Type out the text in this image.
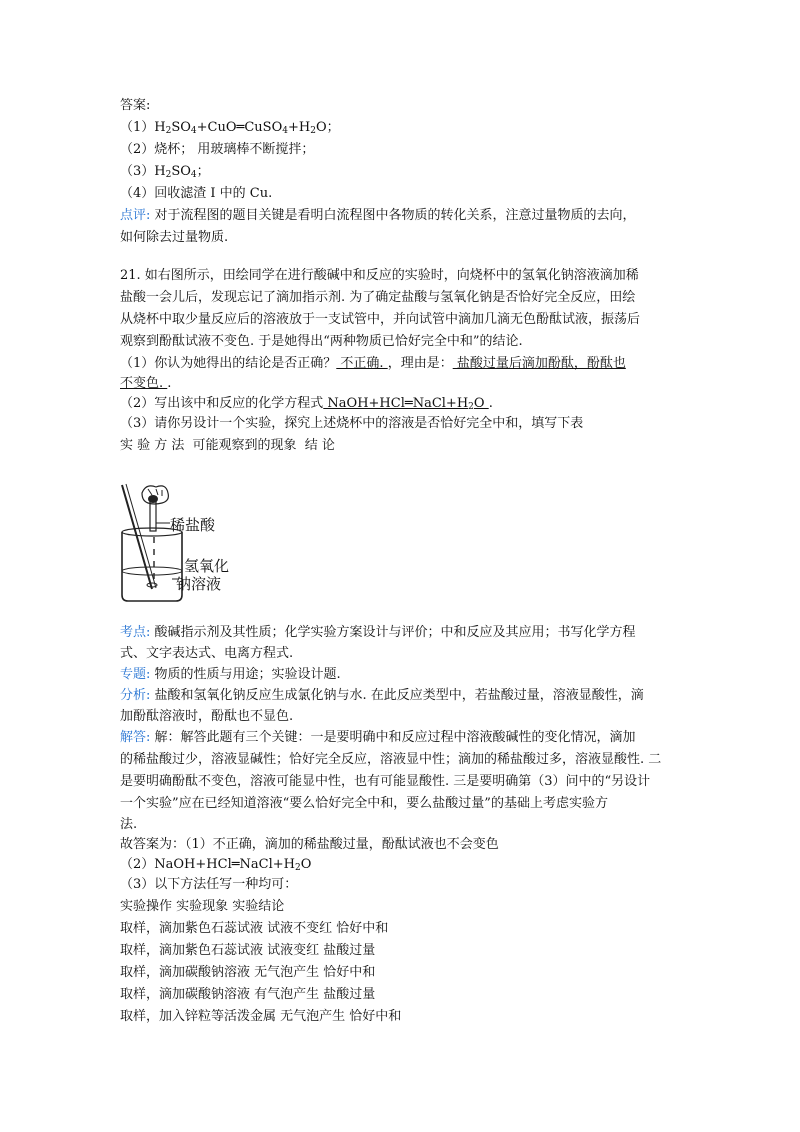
答案:
$(1)H_2SO_4+CuO═CuSO_4+H_2O$；
（2）烧杯； 用玻璃棒不断搅拌；
$(3)H_2SO_4$；
（4）回收滤渣 I 中的 Cu.
点评: 对于流程图的题目关键是看明白流程图中各物质的转化关系，注意过量物质的去向，
如何除去过量物质.
21. 如右图所示，田绘同学在进行酸碱中和反应的实验时，向烧杯中的氢氧化钠溶液滴加稀
盐酸一会儿后，发现忘记了滴加指示剂. 为了确定盐酸与氢氧化钠是否恰好完全反应，田绘
从烧杯中取少量反应后的溶液放于一支试管中，并向试管中滴加几滴无色酚酞试液，振荡后
观察到酚酞试液不变色. 于是她得出“两种物质已恰好完全中和”的结论.
（1）你认为她得出的结论是否正确？ 不正确. ，理由是： 盐酸过量后滴加酚酞，酚酞也
不变色. .
（2）写出该中和反应的化学方程式 $NaOH+HCl═NaCl+H_2O$ .
（3）请你另设计一个实验，探究上述烧杯中的溶液是否恰好完全中和，填写下表
实 验 方 法 可能观察到的现象 结 论
稀盐酸
氢氧化
钠溶液
考点: 酸碱指示剂及其性质；化学实验方案设计与评价；中和反应及其应用；书写化学方程
式、文字表达式、电离方程式.
专题: 物质的性质与用途；实验设计题.
分析: 盐酸和氢氧化钠反应生成氯化钠与水. 在此反应类型中，若盐酸过量，溶液显酸性，滴
加酚酞溶液时，酚酞也不显色.
解答: 解：解答此题有三个关键：一是要明确中和反应过程中溶液酸碱性的变化情况，滴加
的稀盐酸过少，溶液显碱性；恰好完全反应，溶液显中性；滴加的稀盐酸过多，溶液显酸性. 二
是要明确酚酞不变色，溶液可能显中性，也有可能显酸性. 三是要明确第（3）问中的“另设计
一个实验”应在已经知道溶液“要么恰好完全中和，要么盐酸过量”的基础上考虑实验方
法.
故答案为：（1）不正确，滴加的稀盐酸过量，酚酞试液也不会变色
$(2)NaOH+HCl═NaCl+H_2O$
（3）以下方法任写一种均可：
实验操作 实验现象 实验结论
取样，滴加紫色石蕊试液 试液不变红 恰好中和
取样，滴加紫色石蕊试液 试液变红 盐酸过量
取样，滴加碳酸钠溶液 无气泡产生 恰好中和
取样，滴加碳酸钠溶液 有气泡产生 盐酸过量
取样，加入锌粒等活泼金属 无气泡产生 恰好中和
